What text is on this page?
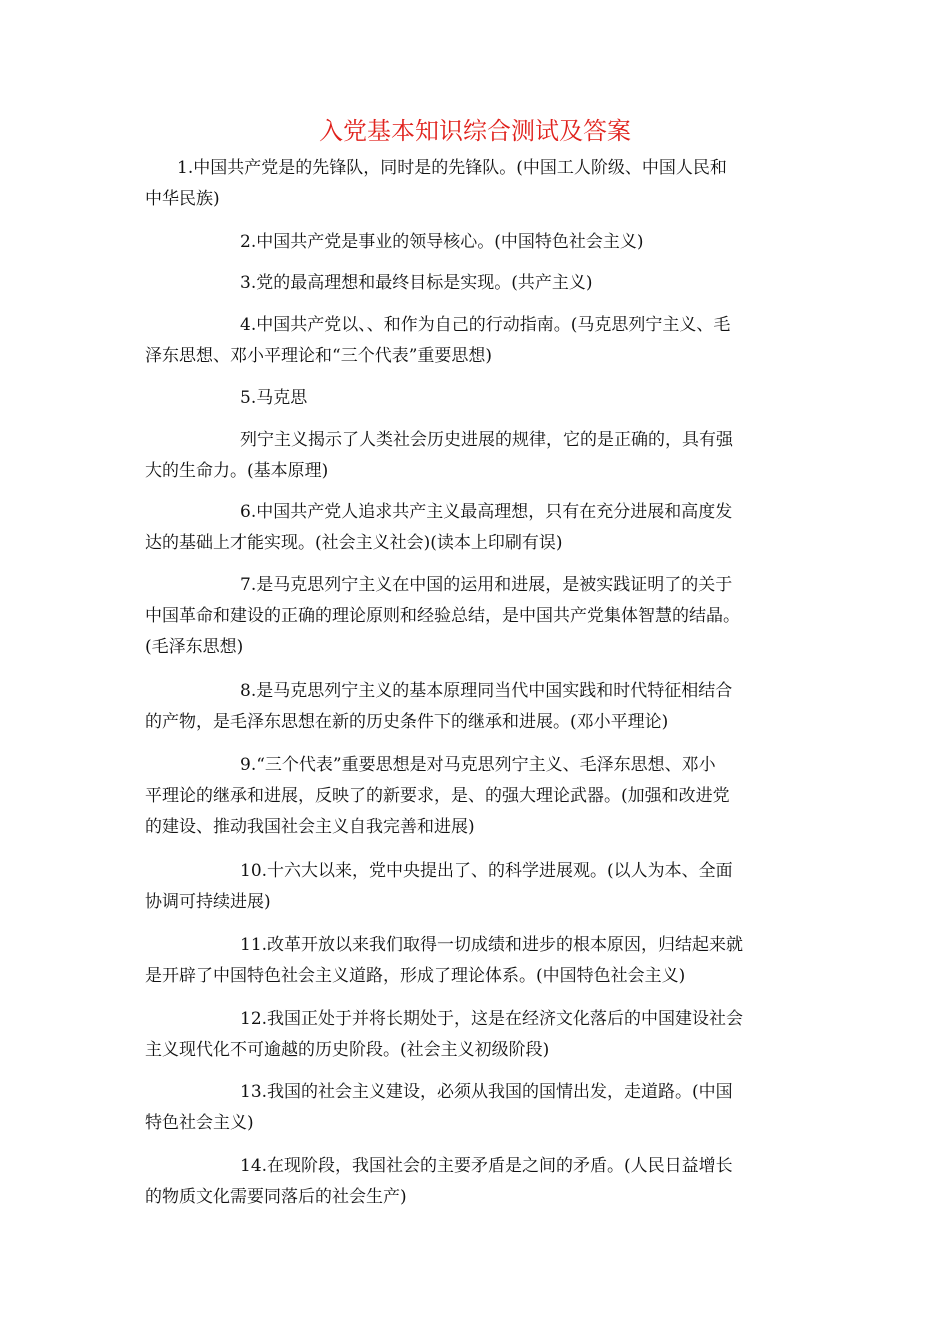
入党基本知识综合测试及答案
1.中国共产党是的先锋队，同时是的先锋队。(中国工人阶级、中国人民和
中华民族)
2.中国共产党是事业的领导核心。(中国特色社会主义)
3.党的最高理想和最终目标是实现。(共产主义)
4.中国共产党以、、和作为自己的行动指南。(马克思列宁主义、毛
泽东思想、邓小平理论和“三个代表”重要思想)
5.马克思
列宁主义揭示了人类社会历史进展的规律，它的是正确的，具有强
大的生命力。(基本原理)
6.中国共产党人追求共产主义最高理想，只有在充分进展和高度发
达的基础上才能实现。(社会主义社会)(读本上印刷有误)
7.是马克思列宁主义在中国的运用和进展，是被实践证明了的关于
中国革命和建设的正确的理论原则和经验总结，是中国共产党集体智慧的结晶。
(毛泽东思想)
8.是马克思列宁主义的基本原理同当代中国实践和时代特征相结合
的产物，是毛泽东思想在新的历史条件下的继承和进展。(邓小平理论)
9.“三个代表”重要思想是对马克思列宁主义、毛泽东思想、邓小
平理论的继承和进展，反映了的新要求，是、的强大理论武器。(加强和改进党
的建设、推动我国社会主义自我完善和进展)
10.十六大以来，党中央提出了、的科学进展观。(以人为本、全面
协调可持续进展)
11.改革开放以来我们取得一切成绩和进步的根本原因，归结起来就
是开辟了中国特色社会主义道路，形成了理论体系。(中国特色社会主义)
12.我国正处于并将长期处于，这是在经济文化落后的中国建设社会
主义现代化不可逾越的历史阶段。(社会主义初级阶段)
13.我国的社会主义建设，必须从我国的国情出发，走道路。(中国
特色社会主义)
14.在现阶段，我国社会的主要矛盾是之间的矛盾。(人民日益增长
的物质文化需要同落后的社会生产)
